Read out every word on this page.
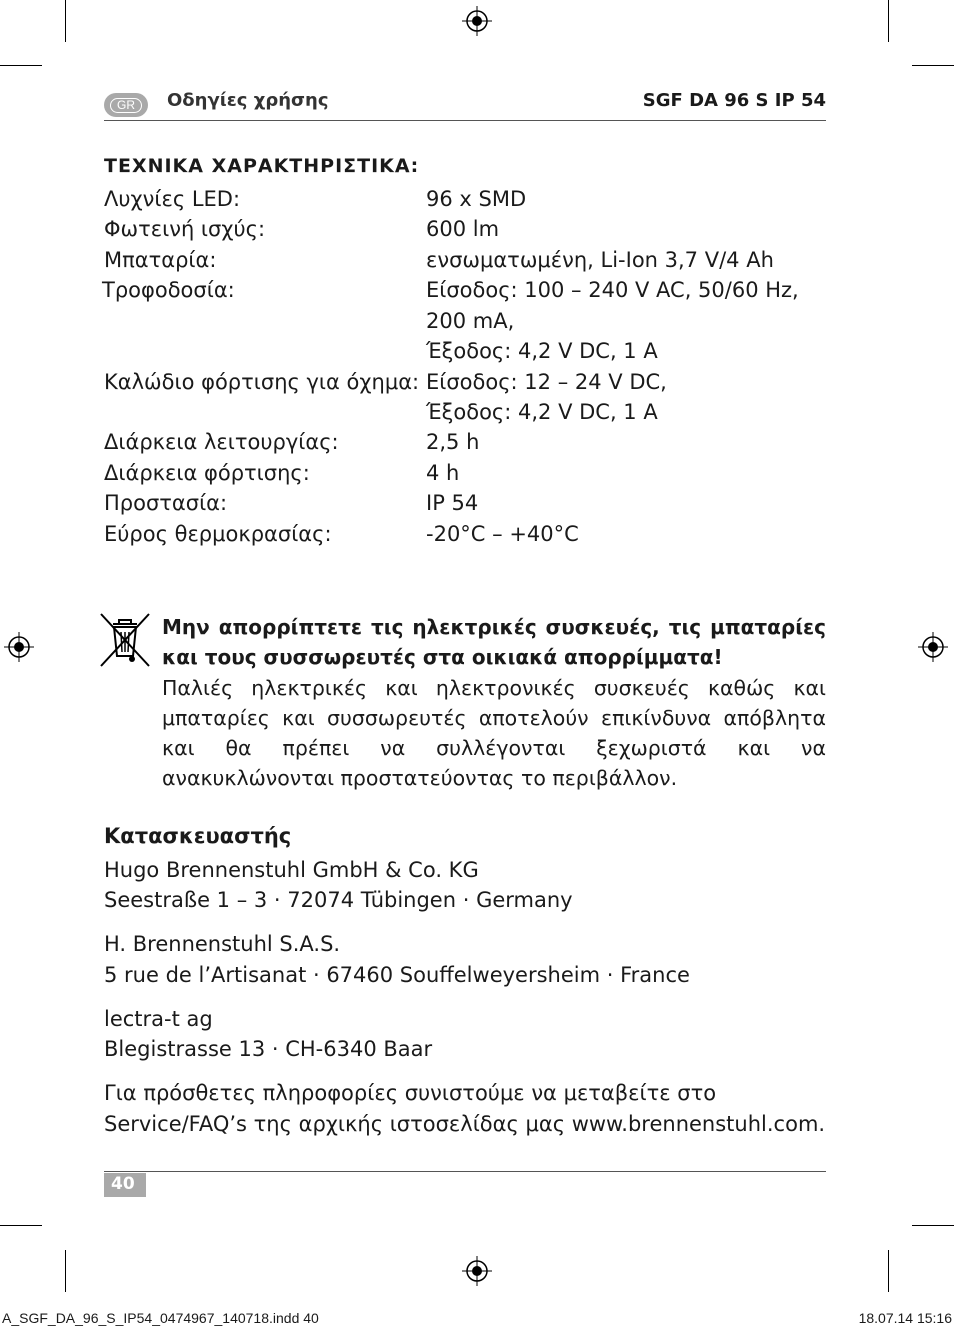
GR	Οδηγίες χρήσης	SGF DA 96 S IP 54
ΤΕΧΝΙΚΑ ΧΑΡΑΚΤΗΡΙΣΤΙΚΑ:
Λυχνίες LED:	96 x SMD
Φωτεινή ισχύς:	600 lm
Μπαταρία:	ενσωματωμένη, Li-Ion 3,7 V/4 Ah
Τροφοδοσία:	Είσοδος: 100 – 240 V AC, 50/60 Hz,
200 mA,
Έξοδος: 4,2 V DC, 1 A
Καλώδιο φόρτισης για όχημα: Είσοδος: 12 – 24 V DC,
Έξοδος: 4,2 V DC, 1 A
Διάρκεια λειτουργίας:	2,5 h
Διάρκεια φόρτισης:	4 h
Προστασία:	IP 54
Εύρος θερμοκρασίας:	-20°C – +40°C
Μην απορρίπτετε τις ηλεκτρικές συσκευές, τις μπαταρίες και τους συσσωρευτές στα οικιακά απορρίμματα!
Παλιές ηλεκτρικές και ηλεκτρονικές συσκευές καθώς και μπαταρίες και συσσωρευτές αποτελούν επικίνδυνα απόβλητα και θα πρέπει να συλλέγονται ξεχωριστά και να ανακυκλώνονται προστατεύοντας το περιβάλλον.
Κατασκευαστής
Hugo Brennenstuhl GmbH & Co. KG
Seestraße 1 – 3 · 72074 Tübingen · Germany
H. Brennenstuhl S.A.S.
5 rue de l’Artisanat · 67460 Souffelweyersheim · France
lectra-t ag
Blegistrasse 13 · CH-6340 Baar
Για πρόσθετες πληροφορίες συνιστούμε να μεταβείτε στο
Service/FAQ’s της αρχικής ιστοσελίδας μας www.brennenstuhl.com.
40
A_SGF_DA_96_S_IP54_0474967_140718.indd 40	18.07.14 15:16
